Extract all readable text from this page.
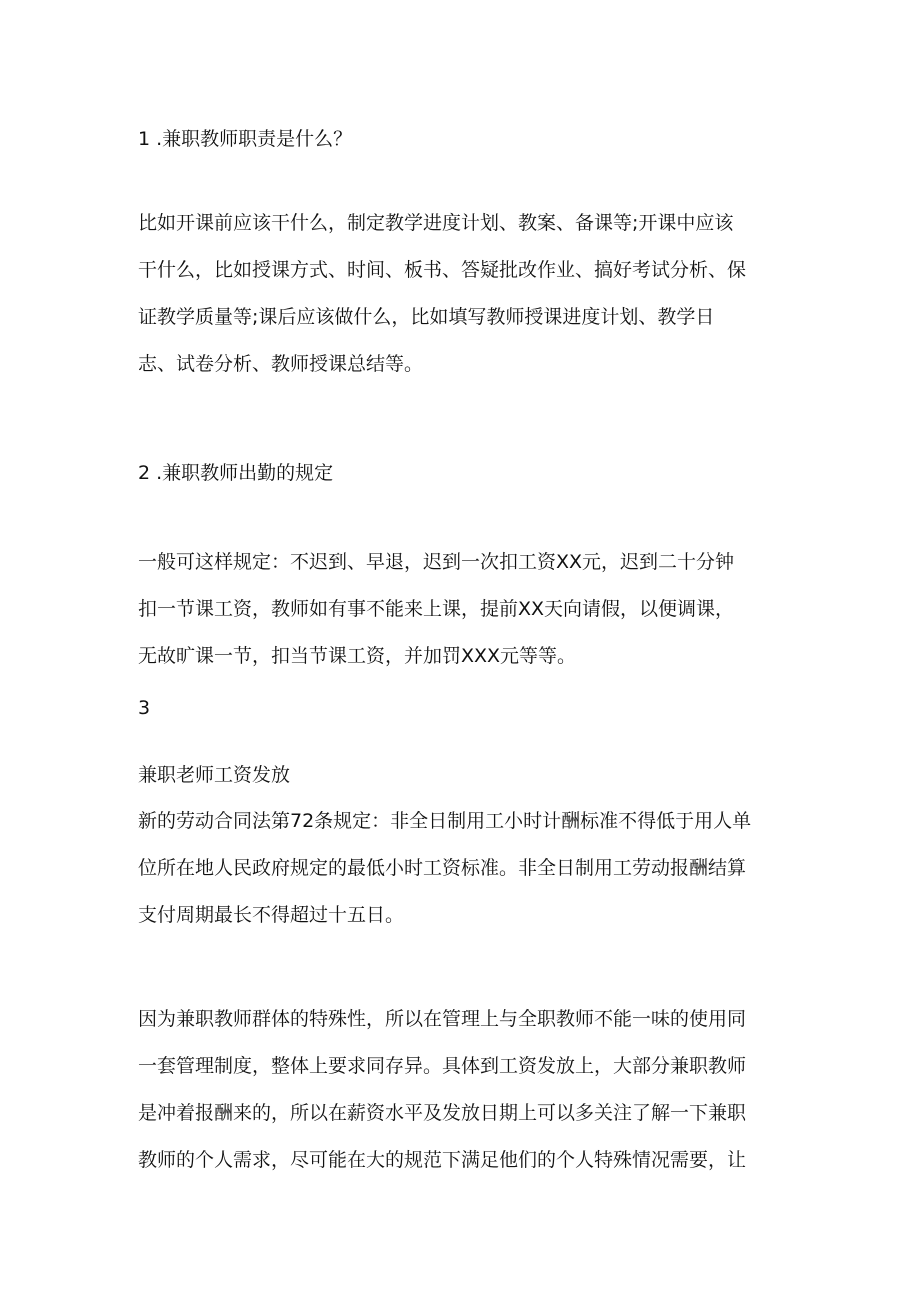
1 .兼职教师职责是什么？
比如开课前应该干什么，制定教学进度计划、教案、备课等;开课中应该
干什么，比如授课方式、时间、板书、答疑批改作业、搞好考试分析、保
证教学质量等;课后应该做什么，比如填写教师授课进度计划、教学日
志、试卷分析、教师授课总结等。
2 .兼职教师出勤的规定
一般可这样规定：不迟到、早退，迟到一次扣工资XX元，迟到二十分钟
扣一节课工资，教师如有事不能来上课，提前XX天向请假，以便调课，
无故旷课一节，扣当节课工资，并加罚XXX元等等。
3
兼职老师工资发放
新的劳动合同法第72条规定：非全日制用工小时计酬标准不得低于用人单
位所在地人民政府规定的最低小时工资标准。非全日制用工劳动报酬结算
支付周期最长不得超过十五日。
因为兼职教师群体的特殊性，所以在管理上与全职教师不能一味的使用同
一套管理制度，整体上要求同存异。具体到工资发放上，大部分兼职教师
是冲着报酬来的，所以在薪资水平及发放日期上可以多关注了解一下兼职
教师的个人需求，尽可能在大的规范下满足他们的个人特殊情况需要，让
